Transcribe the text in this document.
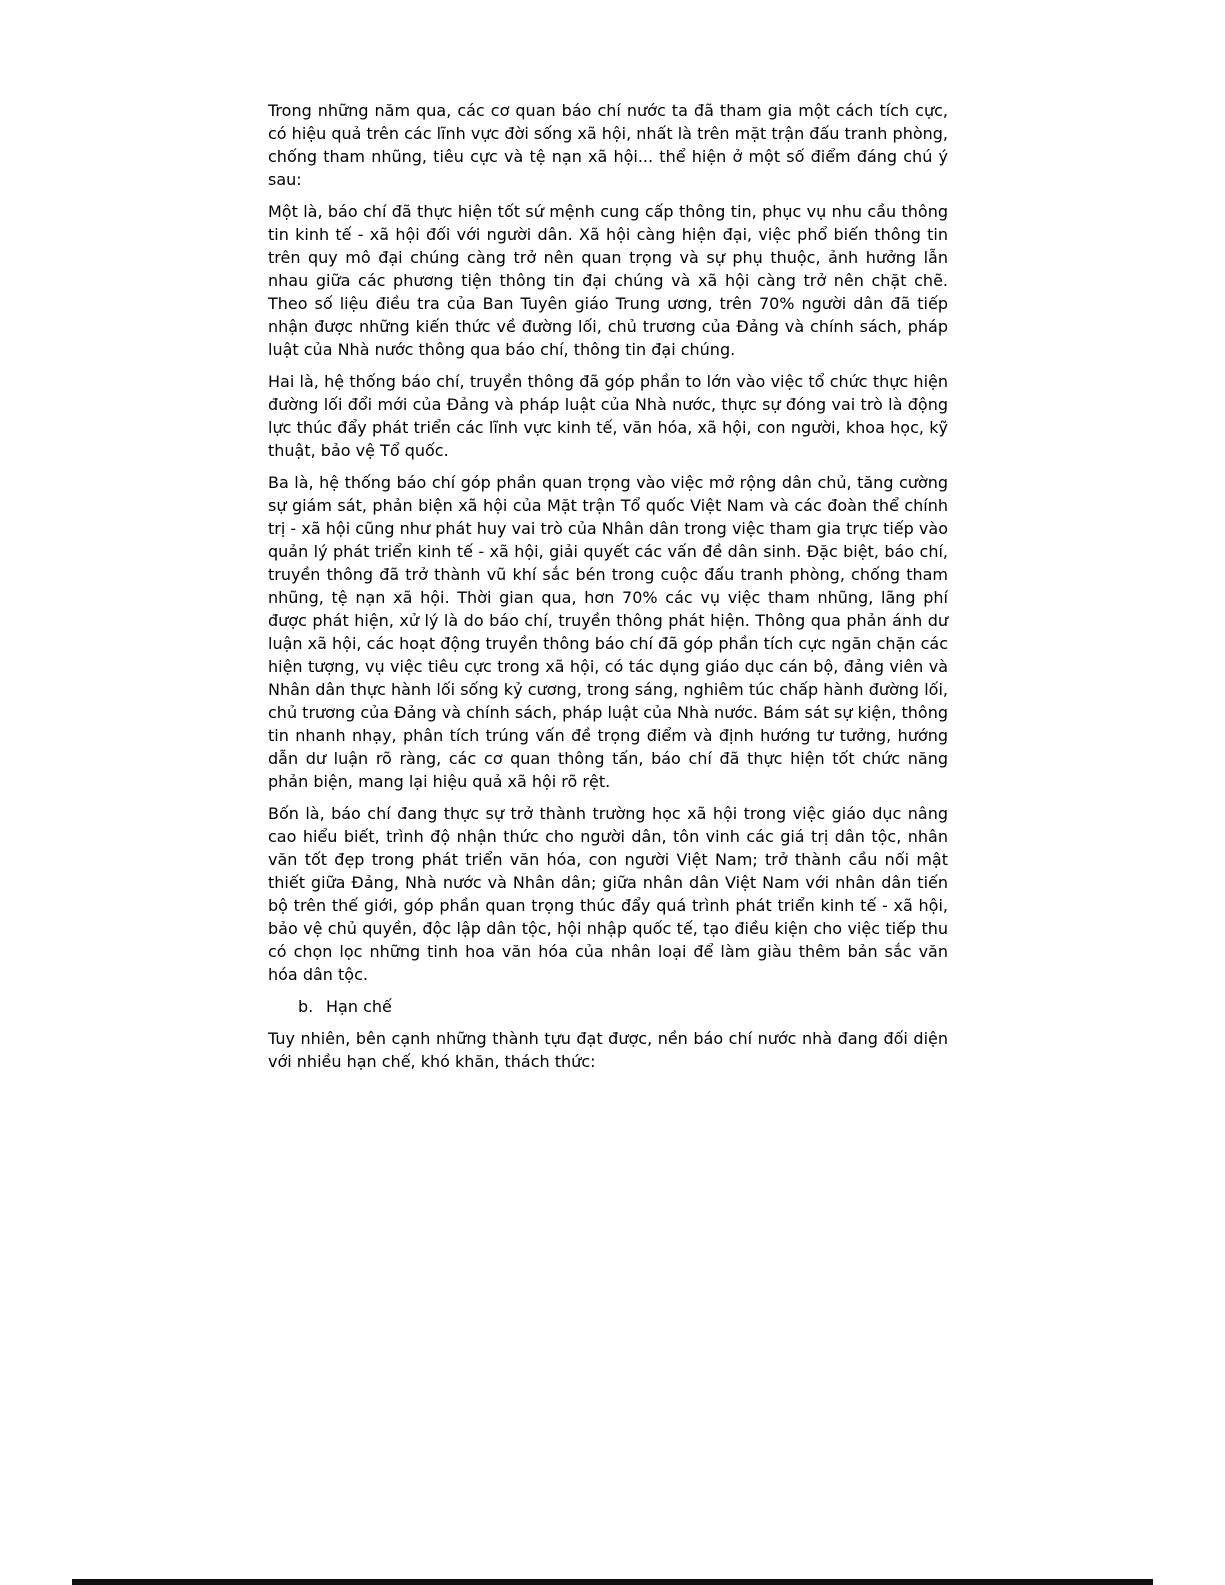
Trong những năm qua, các cơ quan báo chí nước ta đã tham gia một cách tích cực, có hiệu quả trên các lĩnh vực đời sống xã hội, nhất là trên mặt trận đấu tranh phòng, chống tham nhũng, tiêu cực và tệ nạn xã hội... thể hiện ở một số điểm đáng chú ý sau:

Một là, báo chí đã thực hiện tốt sứ mệnh cung cấp thông tin, phục vụ nhu cầu thông tin kinh tế - xã hội đối với người dân. Xã hội càng hiện đại, việc phổ biến thông tin trên quy mô đại chúng càng trở nên quan trọng và sự phụ thuộc, ảnh hưởng lẫn nhau giữa các phương tiện thông tin đại chúng và xã hội càng trở nên chặt chẽ. Theo số liệu điều tra của Ban Tuyên giáo Trung ương, trên 70% người dân đã tiếp nhận được những kiến thức về đường lối, chủ trương của Đảng và chính sách, pháp luật của Nhà nước thông qua báo chí, thông tin đại chúng.

Hai là, hệ thống báo chí, truyền thông đã góp phần to lớn vào việc tổ chức thực hiện đường lối đổi mới của Đảng và pháp luật của Nhà nước, thực sự đóng vai trò là động lực thúc đẩy phát triển các lĩnh vực kinh tế, văn hóa, xã hội, con người, khoa học, kỹ thuật, bảo vệ Tổ quốc.

Ba là, hệ thống báo chí góp phần quan trọng vào việc mở rộng dân chủ, tăng cường sự giám sát, phản biện xã hội của Mặt trận Tổ quốc Việt Nam và các đoàn thể chính trị - xã hội cũng như phát huy vai trò của Nhân dân trong việc tham gia trực tiếp vào quản lý phát triển kinh tế - xã hội, giải quyết các vấn đề dân sinh. Đặc biệt, báo chí, truyền thông đã trở thành vũ khí sắc bén trong cuộc đấu tranh phòng, chống tham nhũng, tệ nạn xã hội. Thời gian qua, hơn 70% các vụ việc tham nhũng, lãng phí được phát hiện, xử lý là do báo chí, truyền thông phát hiện. Thông qua phản ánh dư luận xã hội, các hoạt động truyền thông báo chí đã góp phần tích cực ngăn chặn các hiện tượng, vụ việc tiêu cực trong xã hội, có tác dụng giáo dục cán bộ, đảng viên và Nhân dân thực hành lối sống kỷ cương, trong sáng, nghiêm túc chấp hành đường lối, chủ trương của Đảng và chính sách, pháp luật của Nhà nước. Bám sát sự kiện, thông tin nhanh nhạy, phân tích trúng vấn đề trọng điểm và định hướng tư tưởng, hướng dẫn dư luận rõ ràng, các cơ quan thông tấn, báo chí đã thực hiện tốt chức năng phản biện, mang lại hiệu quả xã hội rõ rệt.

Bốn là, báo chí đang thực sự trở thành trường học xã hội trong việc giáo dục nâng cao hiểu biết, trình độ nhận thức cho người dân, tôn vinh các giá trị dân tộc, nhân văn tốt đẹp trong phát triển văn hóa, con người Việt Nam; trở thành cầu nối mật thiết giữa Đảng, Nhà nước và Nhân dân; giữa nhân dân Việt Nam với nhân dân tiến bộ trên thế giới, góp phần quan trọng thúc đẩy quá trình phát triển kinh tế - xã hội, bảo vệ chủ quyền, độc lập dân tộc, hội nhập quốc tế, tạo điều kiện cho việc tiếp thu có chọn lọc những tinh hoa văn hóa của nhân loại để làm giàu thêm bản sắc văn hóa dân tộc.

b. Hạn chế

Tuy nhiên, bên cạnh những thành tựu đạt được, nền báo chí nước nhà đang đối diện với nhiều hạn chế, khó khăn, thách thức:
